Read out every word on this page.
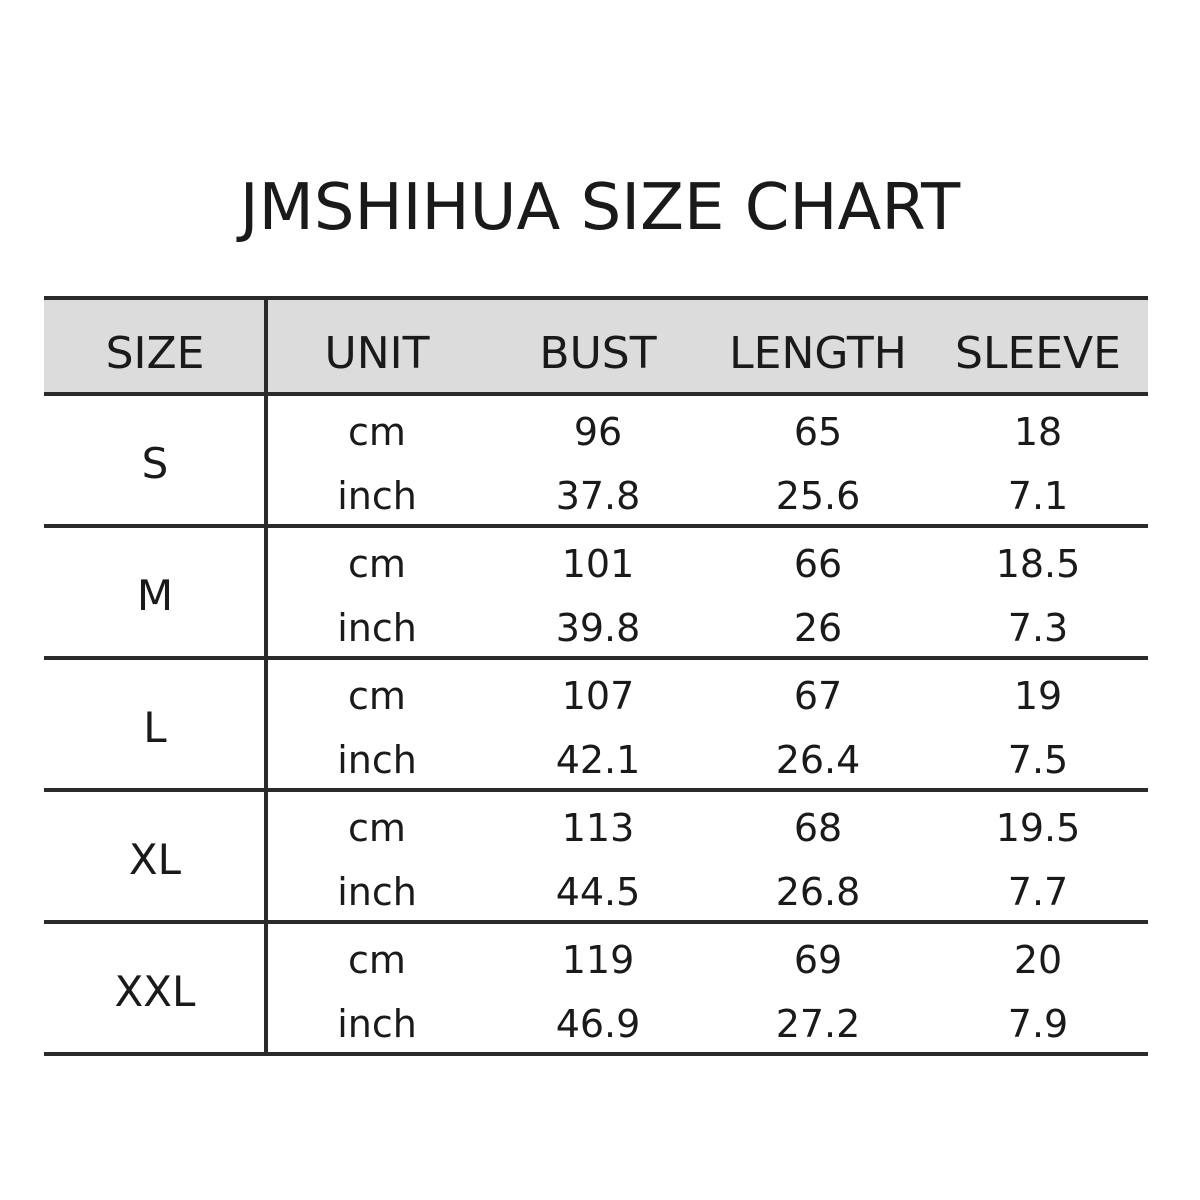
JMSHIHUA SIZE CHART
SIZE	UNIT	BUST	LENGTH	SLEEVE
S
cm	96	65	18
inch	37.8	25.6	7.1
M
cm	101	66	18.5
inch	39.8	26	7.3
L
cm	107	67	19
inch	42.1	26.4	7.5
XL
cm	113	68	19.5
inch	44.5	26.8	7.7
XXL
cm	119	69	20
inch	46.9	27.2	7.9
